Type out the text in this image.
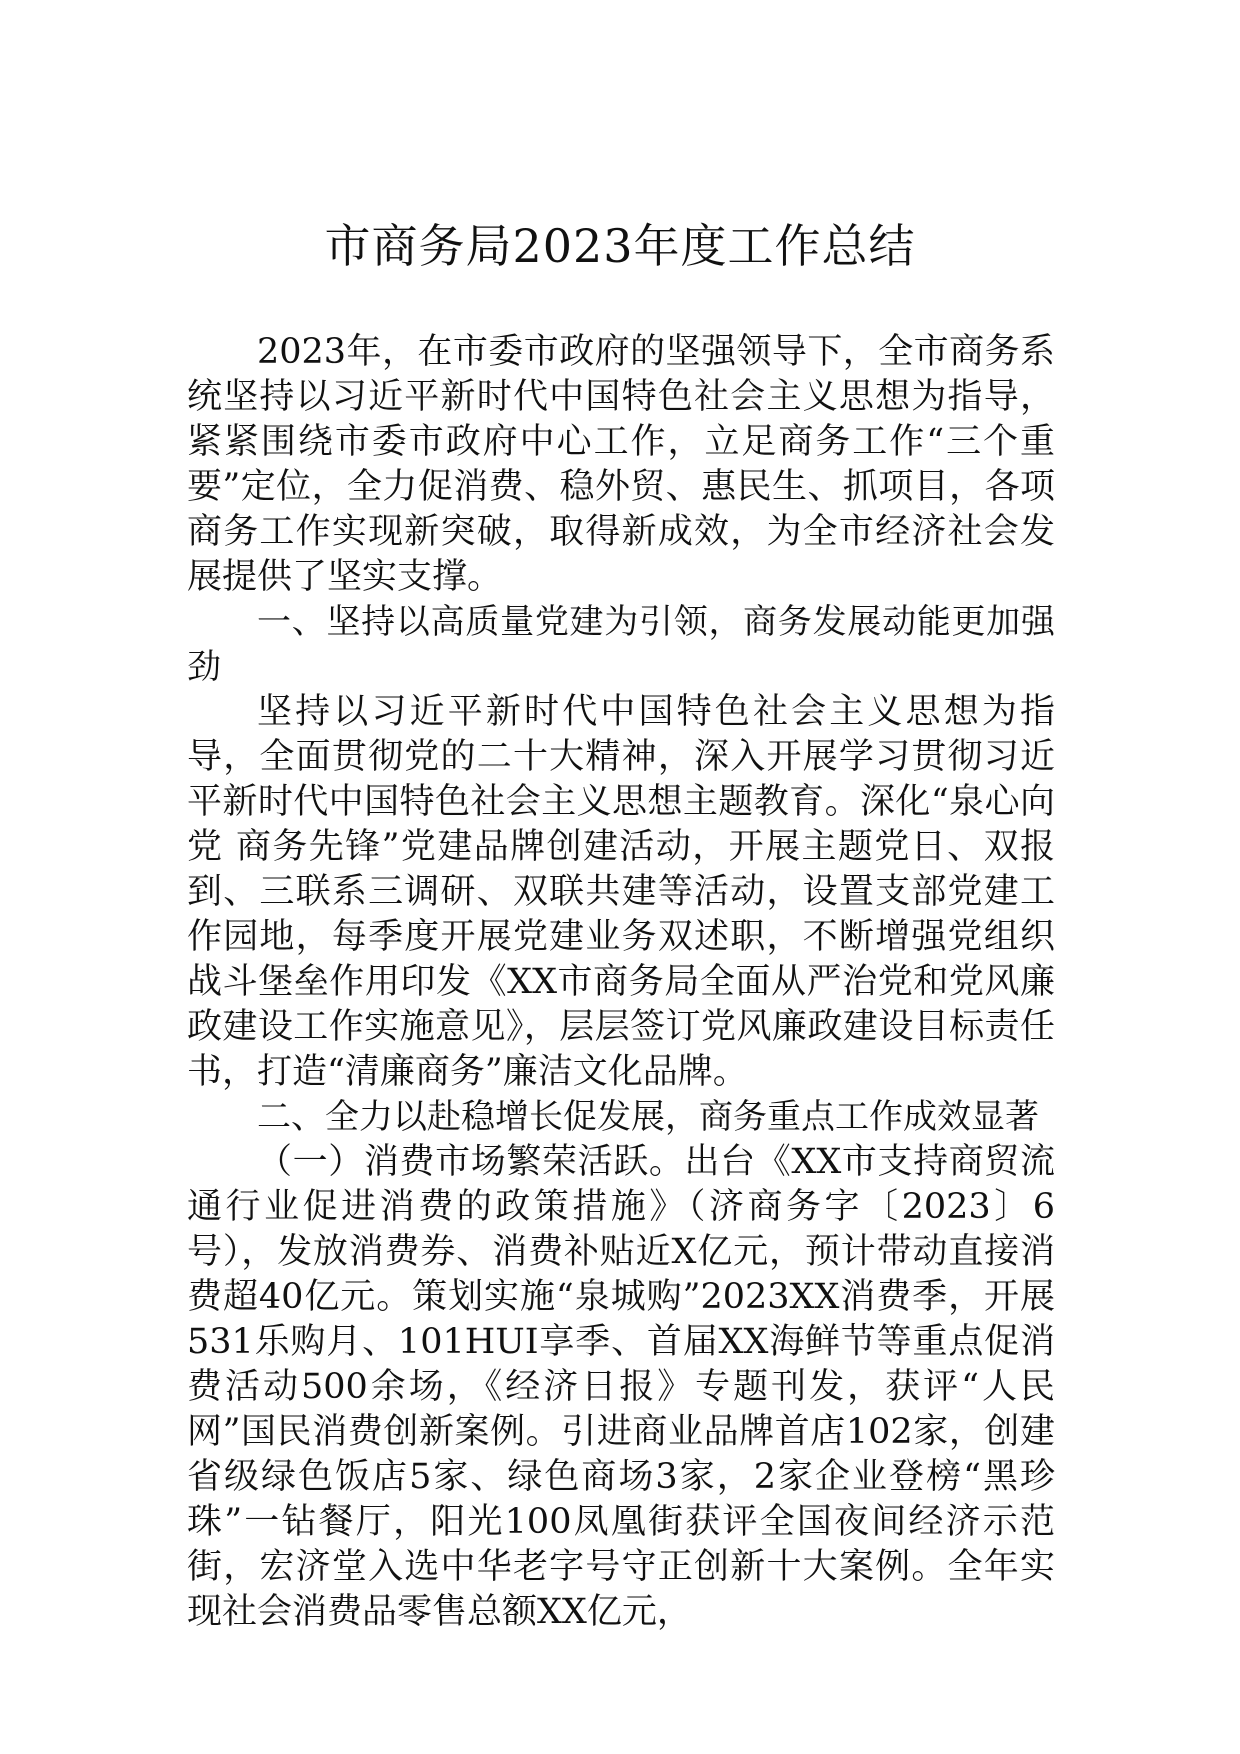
市商务局2023年度工作总结

2023年，在市委市政府的坚强领导下，全市商务系统坚持以习近平新时代中国特色社会主义思想为指导，紧紧围绕市委市政府中心工作，立足商务工作“三个重要”定位，全力促消费、稳外贸、惠民生、抓项目，各项商务工作实现新突破，取得新成效，为全市经济社会发展提供了坚实支撑。

一、坚持以高质量党建为引领，商务发展动能更加强劲

坚持以习近平新时代中国特色社会主义思想为指导，全面贯彻党的二十大精神，深入开展学习贯彻习近平新时代中国特色社会主义思想主题教育。深化“泉心向党 商务先锋”党建品牌创建活动，开展主题党日、双报到、三联系三调研、双联共建等活动，设置支部党建工作园地，每季度开展党建业务双述职，不断增强党组织战斗堡垒作用印发《XX市商务局全面从严治党和党风廉政建设工作实施意见》，层层签订党风廉政建设目标责任书，打造“清廉商务”廉洁文化品牌。

二、全力以赴稳增长促发展，商务重点工作成效显著

（一）消费市场繁荣活跃。出台《XX市支持商贸流通行业促进消费的政策措施》（济商务字〔2023〕6号），发放消费券、消费补贴近X亿元，预计带动直接消费超40亿元。策划实施“泉城购”2023XX消费季，开展531乐购月、101HUI享季、首届XX海鲜节等重点促消费活动500余场，《经济日报》专题刊发，获评“人民网”国民消费创新案例。引进商业品牌首店102家，创建省级绿色饭店5家、绿色商场3家，2家企业登榜“黑珍珠”一钻餐厅，阳光100凤凰街获评全国夜间经济示范街，宏济堂入选中华老字号守正创新十大案例。全年实现社会消费品零售总额XX亿元，
